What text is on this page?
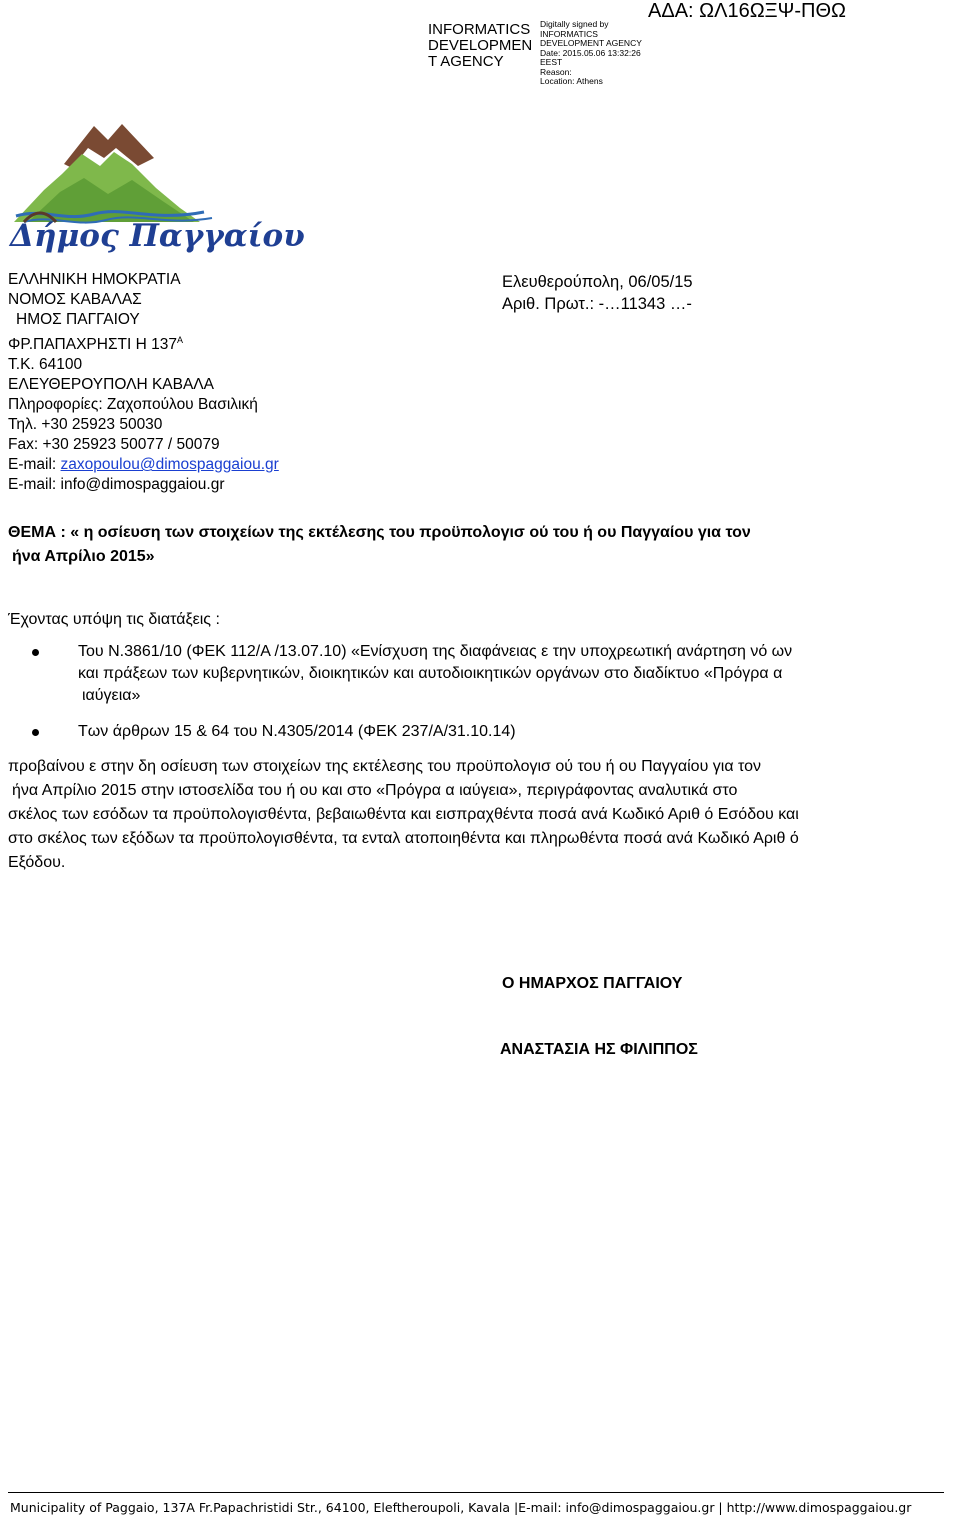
INFORMATICS
DEVELOPMEN
T AGENCY
Digitally signed by
INFORMATICS
DEVELOPMENT AGENCY
Date: 2015.05.06 13:32:26
EEST
Reason:
Location: Athens
ΑΔΑ: ΩΛ16ΩΞΨ-ΠΘΩ
Δήμος Παγγαίου
ΕΛΛΗΝΙΚΗ ΗΜΟΚΡΑΤΙΑ
ΝΟΜΟΣ ΚΑΒΑΛΑΣ
ΗΜΟΣ ΠΑΓΓΑΙΟΥ
ΦΡ.ΠΑΠΑΧΡΗΣΤΙ Η $137^A$
Τ.Κ. 64100
ΕΛΕΥΘΕΡΟΥΠΟΛΗ ΚΑΒΑΛΑ
Πληροφορίες: Ζαχοπούλου Βασιλική
Τηλ. +30 25923 50030
Fax: +30 25923 50077 / 50079
E-mail: zaxopoulou@dimospaggaiou.gr
E-mail: info@dimospaggaiou.gr
Ελευθερούπολη, 06/05/15
Αριθ. Πρωτ.: -…11343 …-
ΘΕΜΑ : « η οσίευση των στοιχείων της εκτέλεσης του προϋπολογισ ού του ή ου Παγγαίου για τον
ήνα Απρίλιο 2015»
Έχοντας υπόψη τις διατάξεις :
Του Ν.3861/10 (ΦΕΚ 112/Α /13.07.10) «Ενίσχυση της διαφάνειας ε την υποχρεωτική ανάρτηση νό ων
και πράξεων των κυβερνητικών, διοικητικών και αυτοδιοικητικών οργάνων στο διαδίκτυο «Πρόγρα α
ιαύγεια»
Των άρθρων 15 & 64 του Ν.4305/2014 (ΦΕΚ 237/Α/31.10.14)
προβαίνου ε στην δη οσίευση των στοιχείων της εκτέλεσης του προϋπολογισ ού του ή ου Παγγαίου για τον
ήνα Απρίλιο 2015 στην ιστοσελίδα του ή ου και στο «Πρόγρα α ιαύγεια», περιγράφοντας αναλυτικά στο
σκέλος των εσόδων τα προϋπολογισθέντα, βεβαιωθέντα και εισπραχθέντα ποσά ανά Κωδικό Αριθ ό Εσόδου και
στο σκέλος των εξόδων τα προϋπολογισθέντα, τα ενταλ ατοποιηθέντα και πληρωθέντα ποσά ανά Κωδικό Αριθ ό
Εξόδου.
Ο ΗΜΑΡΧΟΣ ΠΑΓΓΑΙΟΥ
ΑΝΑΣΤΑΣΙΑ ΗΣ ΦΙΛΙΠΠΟΣ
Municipality of Paggaio, 137A Fr.Papachristidi Str., 64100, Eleftheroupoli, Kavala |E-mail: info@dimospaggaiou.gr | http://www.dimospaggaiou.gr
